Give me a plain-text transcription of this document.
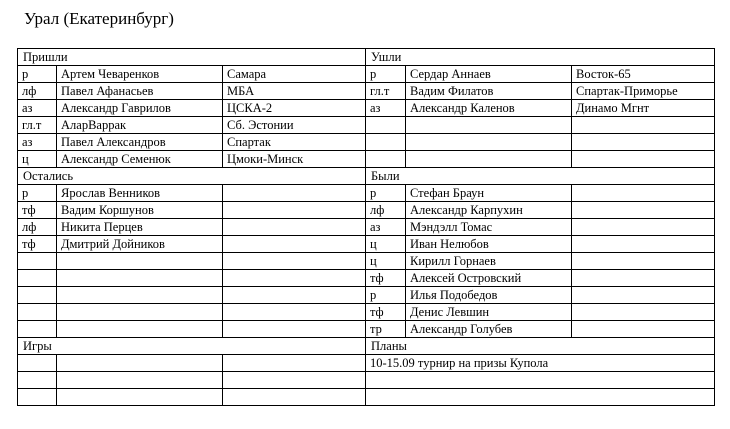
Урал (Екатеринбург)
Пришли			Ушли		
р	Артем Чеваренков	Самара	р	Сердар Аннаев	Восток-65
лф	Павел Афанасьев	МБА	гл.т	Вадим Филатов	Спартак-Приморье
аз	Александр Гаврилов	ЦСКА-2	аз	Александр Каленов	Динамо Мгнт
гл.т	АларВаррак	Сб. Эстонии			
аз	Павел Александров	Спартак			
ц	Александр Семенюк	Цмоки-Минск			
Остались			Были		
р	Ярослав Венников		р	Стефан Браун	
тф	Вадим Коршунов		лф	Александр Карпухин	
лф	Никита Перцев		аз	Мэндэлл Томас	
тф	Дмитрий Дойников		ц	Иван Нелюбов	
			ц	Кирилл Горнаев	
			тф	Алексей Островский	
			р	Илья Подобедов	
			тф	Денис Левшин	
			тр	Александр Голубев	
Игры			Планы		
			10-15.09 турнир на призы Купола		
